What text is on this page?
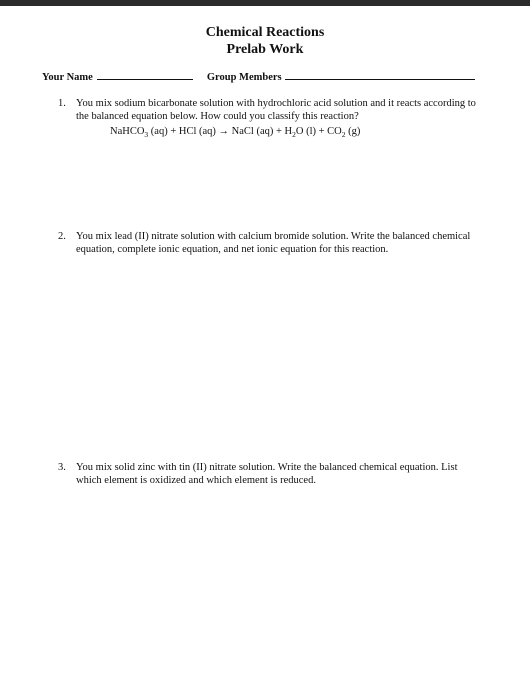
Chemical Reactions
Prelab Work
Your Name	Group Members
1. You mix sodium bicarbonate solution with hydrochloric acid solution and it reacts according to the balanced equation below. How could you classify this reaction?
NaHCO$_3$ (aq) + HCl (aq) → NaCl $(aq) + H_2O$ $(l) + CO_2$ (g)
2. You mix lead (II) nitrate solution with calcium bromide solution. Write the balanced chemical equation, complete ionic equation, and net ionic equation for this reaction.
3. You mix solid zinc with tin (II) nitrate solution. Write the balanced chemical equation. List which element is oxidized and which element is reduced.
